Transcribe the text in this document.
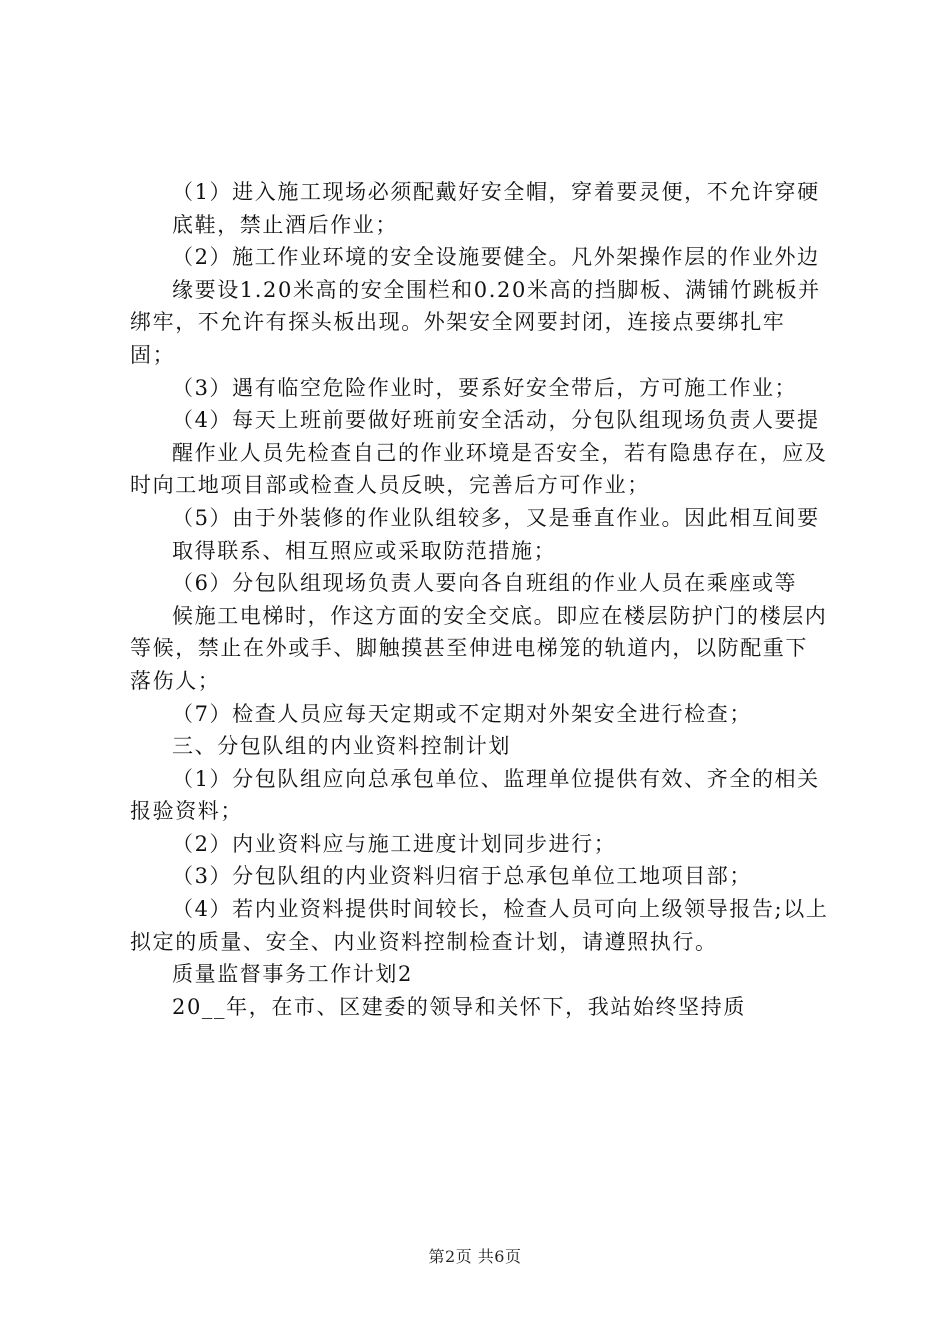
（1）进入施工现场必须配戴好安全帽，穿着要灵便，不允许穿硬

底鞋，禁止酒后作业；

（2）施工作业环境的安全设施要健全。凡外架操作层的作业外边

缘要设1.20米高的安全围栏和0.20米高的挡脚板、满铺竹跳板并绑牢，不允许有探头板出现。外架安全网要封闭，连接点要绑扎牢固；

（3）遇有临空危险作业时，要系好安全带后，方可施工作业；

（4）每天上班前要做好班前安全活动，分包队组现场负责人要提

醒作业人员先检查自己的作业环境是否安全，若有隐患存在，应及时向工地项目部或检查人员反映，完善后方可作业；

（5）由于外装修的作业队组较多，又是垂直作业。因此相互间要

取得联系、相互照应或采取防范措施；

（6）分包队组现场负责人要向各自班组的作业人员在乘座或等

候施工电梯时，作这方面的安全交底。即应在楼层防护门的楼层内等候，禁止在外或手、脚触摸甚至伸进电梯笼的轨道内，以防配重下落伤人；

（7）检查人员应每天定期或不定期对外架安全进行检查；

三、分包队组的内业资料控制计划

（1）分包队组应向总承包单位、监理单位提供有效、齐全的相关报验资料；

（2）内业资料应与施工进度计划同步进行；

（3）分包队组的内业资料归宿于总承包单位工地项目部；

（4）若内业资料提供时间较长，检查人员可向上级领导报告;以上拟定的质量、安全、内业资料控制检查计划，请遵照执行。

质量监督事务工作计划2

20__年，在市、区建委的领导和关怀下，我站始终坚持质

第2页 共6页
